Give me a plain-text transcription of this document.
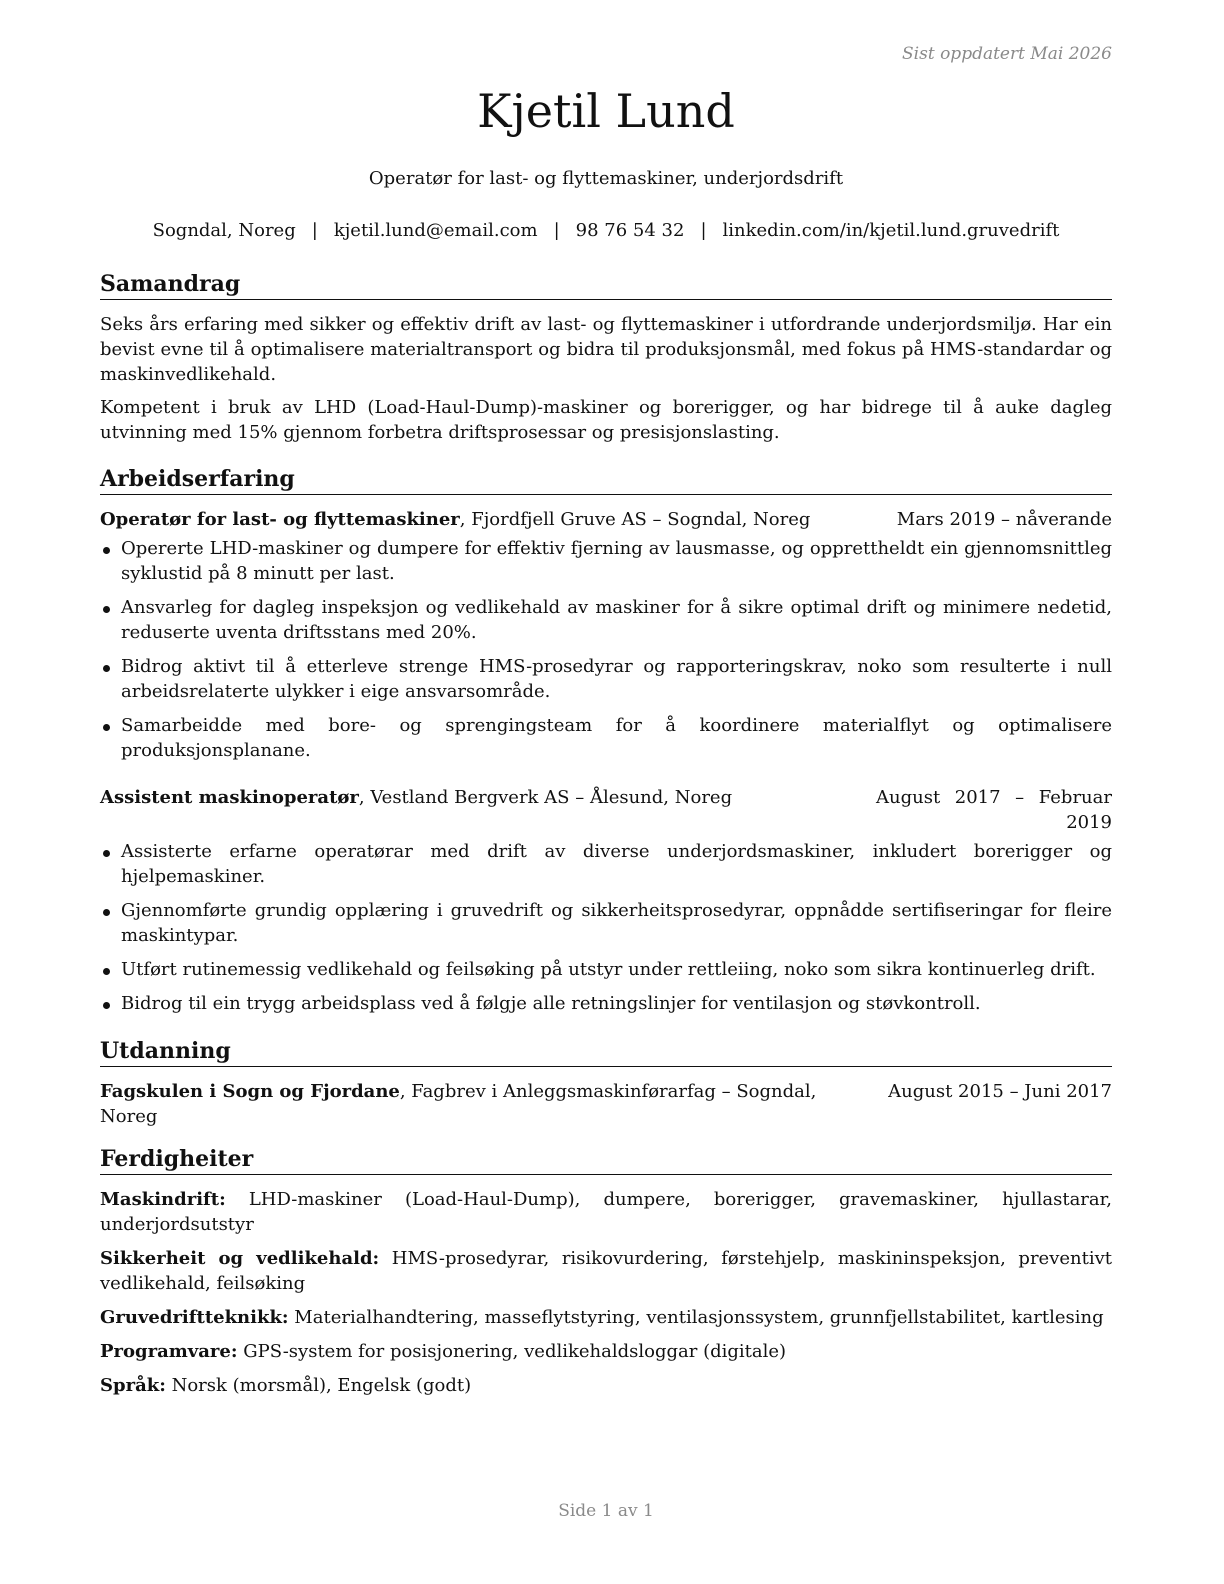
Sist oppdatert Mai 2026
Kjetil Lund
Operatør for last- og flyttemaskiner, underjordsdrift
Sogndal, Noreg | kjetil.lund@email.com | 98 76 54 32 | linkedin.com/in/kjetil.lund.gruvedrift
Samandrag

Seks års erfaring med sikker og effektiv drift av last- og flyttemaskiner i utfordrande underjordsmiljø. Har ein bevist evne til å optimalisere materialtransport og bidra til produksjonsmål, med fokus på HMS-standardar og maskinvedlikehald.

Kompetent i bruk av LHD (Load-Haul-Dump)-maskiner og borerigger, og har bidrege til å auke dagleg utvinning med 15% gjennom forbetra driftsprosessar og presisjonslasting.

Arbeidserfaring
Operatør for last- og flyttemaskiner, Fjordfjell Gruve AS – Sogndal, Noreg	Mars 2019 – nåverande
Opererte LHD-maskiner og dumpere for effektiv fjerning av lausmasse, og opprettheldt ein gjennomsnittleg syklustid på 8 minutt per last.
Ansvarleg for dagleg inspeksjon og vedlikehald av maskiner for å sikre optimal drift og minimere nedetid, reduserte uventa driftsstans med 20%.
Bidrog aktivt til å etterleve strenge HMS-prosedyrar og rapporteringskrav, noko som resulterte i null arbeidsrelaterte ulykker i eige ansvarsområde.
Samarbeidde med bore- og sprengingsteam for å koordinere materialflyt og optimalisere produksjonsplanane.
Assistent maskinoperatør, Vestland Bergverk AS – Ålesund, Noreg	August 2017 – Februar 2019
Assisterte erfarne operatørar med drift av diverse underjordsmaskiner, inkludert borerigger og hjelpemaskiner.
Gjennomførte grundig opplæring i gruvedrift og sikkerheitsprosedyrar, oppnådde sertifiseringar for fleire maskintypar.
Utført rutinemessig vedlikehald og feilsøking på utstyr under rettleiing, noko som sikra kontinuerleg drift.
Bidrog til ein trygg arbeidsplass ved å følgje alle retningslinjer for ventilasjon og støvkontroll.
Utdanning
Fagskulen i Sogn og Fjordane, Fagbrev i Anleggsmaskinførarfag – Sogndal, Noreg
August 2015 – Juni 2017
Ferdigheiter
Maskindrift: LHD-maskiner (Load-Haul-Dump), dumpere, borerigger, gravemaskiner, hjullastarar, underjordsutstyr
Sikkerheit og vedlikehald: HMS-prosedyrar, risikovurdering, førstehjelp, maskininspeksjon, preventivt vedlikehald, feilsøking
Gruvedriftteknikk: Materialhandtering, masseflytstyring, ventilasjonssystem, grunnfjellstabilitet, kartlesing
Programvare: GPS-system for posisjonering, vedlikehaldsloggar (digitale)
Språk: Norsk (morsmål), Engelsk (godt)
Side 1 av 1
